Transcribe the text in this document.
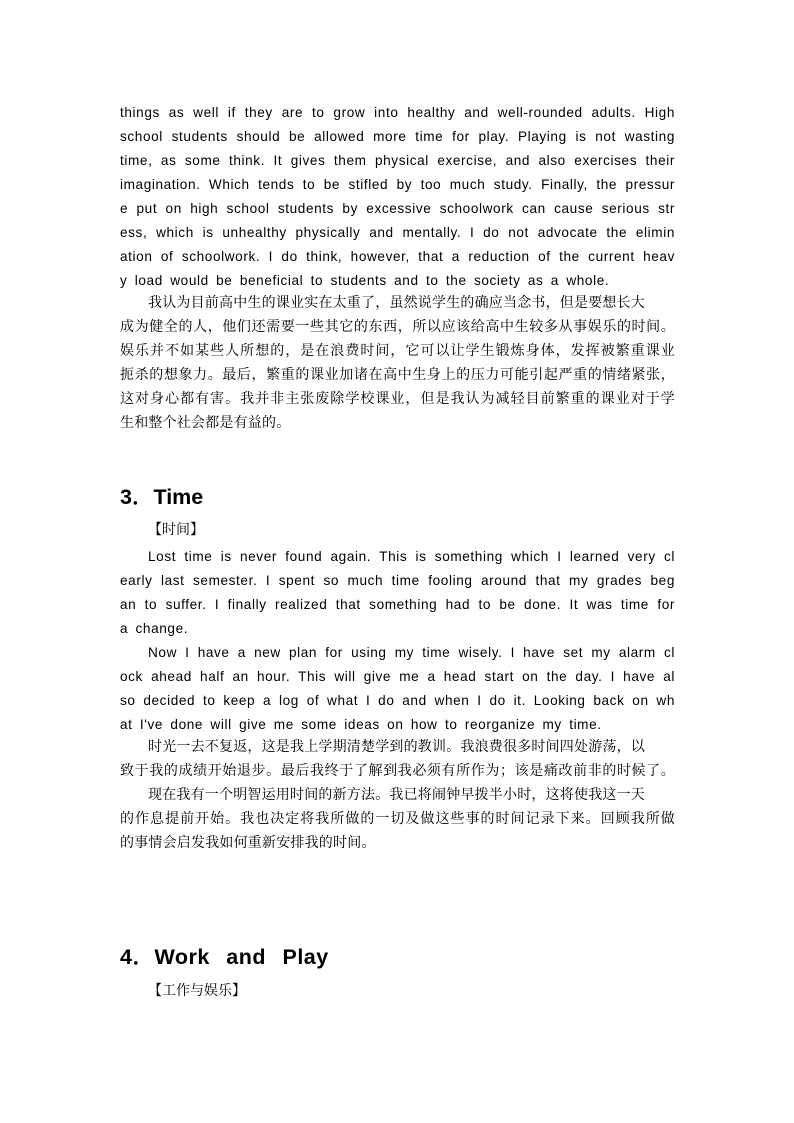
things as well if they are to grow into healthy and well-rounded adults. High
school students should be allowed more time for play. Playing is not wasting
time, as some think. It gives them physical exercise, and also exercises their
imagination. Which tends to be stifled by too much study. Finally, the pressur
e put on high school students by excessive schoolwork can cause serious str
ess, which is unhealthy physically and mentally. I do not advocate the elimin
ation of schoolwork. I do think, however, that a reduction of the current heav
y load would be beneficial to students and to the society as a whole.
我认为目前高中生的课业实在太重了，虽然说学生的确应当念书，但是要想长大
成为健全的人，他们还需要一些其它的东西，所以应该给高中生较多从事娱乐的时间。
娱乐并不如某些人所想的，是在浪费时间，它可以让学生锻炼身体，发挥被繁重课业
扼杀的想象力。最后，繁重的课业加诸在高中生身上的压力可能引起严重的情绪紧张，
这对身心都有害。我并非主张废除学校课业，但是我认为减轻目前繁重的课业对于学
生和整个社会都是有益的。
3．Time
【时间】
Lost time is never found again. This is something which I learned very cl
early last semester. I spent so much time fooling around that my grades beg
an to suffer. I finally realized that something had to be done. It was time for
a change.
Now I have a new plan for using my time wisely. I have set my alarm cl
ock ahead half an hour. This will give me a head start on the day. I have al
so decided to keep a log of what I do and when I do it. Looking back on wh
at I've done will give me some ideas on how to reorganize my time.
时光一去不复返，这是我上学期清楚学到的教训。我浪费很多时间四处游荡，以
致于我的成绩开始退步。最后我终于了解到我必须有所作为；该是痛改前非的时候了。
现在我有一个明智运用时间的新方法。我已将闹钟早拨半小时，这将使我这一天
的作息提前开始。我也决定将我所做的一切及做这些事的时间记录下来。回顾我所做
的事情会启发我如何重新安排我的时间。
4．Work and Play
【工作与娱乐】
